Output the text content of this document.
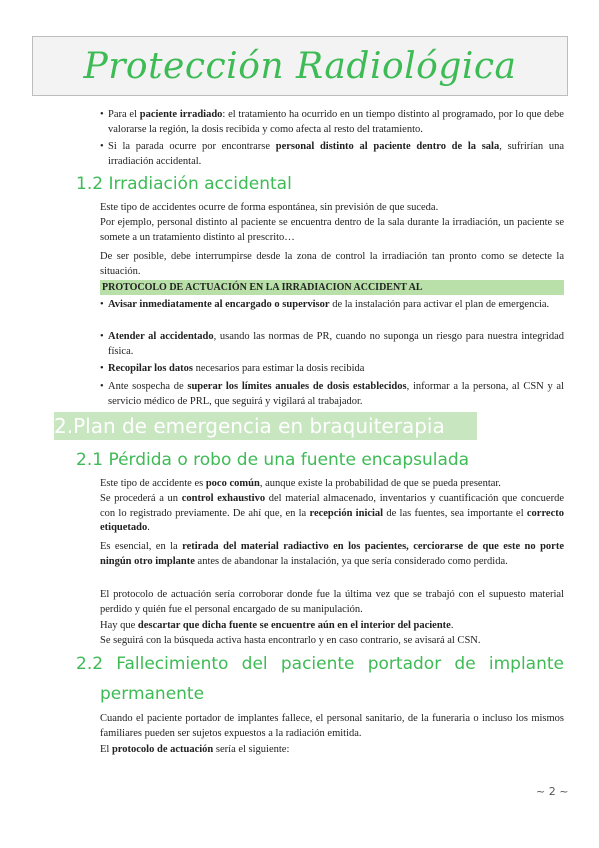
Protección Radiológica
• Para el paciente irradiado: el tratamiento ha ocurrido en un tiempo distinto al programado, por lo que debe valorarse la región, la dosis recibida y como afecta al resto del tratamiento.
• Si la parada ocurre por encontrarse personal distinto al paciente dentro de la sala, sufrirían una irradiación accidental.
1.2 Irradiación accidental
Este tipo de accidentes ocurre de forma espontánea, sin previsión de que suceda.
Por ejemplo, personal distinto al paciente se encuentra dentro de la sala durante la irradiación, un paciente se somete a un tratamiento distinto al prescrito…
De ser posible, debe interrumpirse desde la zona de control la irradiación tan pronto como se detecte la situación.
PROTOCOLO DE ACTUACIÓN EN LA IRRADIACION ACCIDENT AL
• Avisar inmediatamente al encargado o supervisor de la instalación para activar el plan de emergencia.
• Atender al accidentado, usando las normas de PR, cuando no suponga un riesgo para nuestra integridad física.
• Recopilar los datos necesarios para estimar la dosis recibida
• Ante sospecha de superar los límites anuales de dosis establecidos, informar a la persona, al CSN y al servicio médico de PRL, que seguirá y vigilará al trabajador.
2.Plan de emergencia en braquiterapia
2.1 Pérdida o robo de una fuente encapsulada
Este tipo de accidente es poco común, aunque existe la probabilidad de que se pueda presentar.
Se procederá a un control exhaustivo del material almacenado, inventarios y cuantificación que concuerde con lo registrado previamente. De ahí que, en la recepción inicial de las fuentes, sea importante el correcto etiquetado.
Es esencial, en la retirada del material radiactivo en los pacientes, cerciorarse de que este no porte ningún otro implante antes de abandonar la instalación, ya que sería considerado como perdida.
El protocolo de actuación sería corroborar donde fue la última vez que se trabajó con el supuesto material perdido y quién fue el personal encargado de su manipulación.
Hay que descartar que dicha fuente se encuentre aún en el interior del paciente.
Se seguirá con la búsqueda activa hasta encontrarlo y en caso contrario, se avisará al CSN.
2.2 Fallecimiento del paciente portador de implante
permanente
Cuando el paciente portador de implantes fallece, el personal sanitario, de la funeraria o incluso los mismos familiares pueden ser sujetos expuestos a la radiación emitida.
El protocolo de actuación sería el siguiente:
~ 2 ~
